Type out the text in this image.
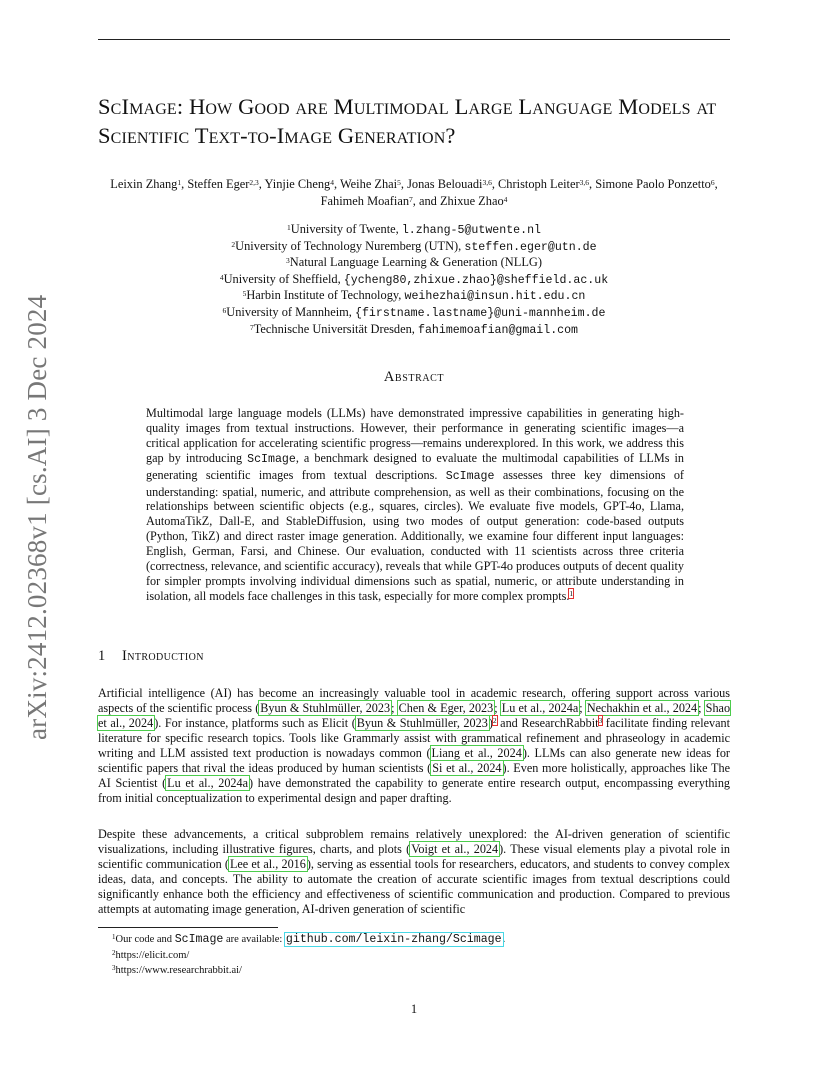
arXiv:2412.02368v1 [cs.AI] 3 Dec 2024
ScImage: How Good are Multimodal Large Language Models at Scientific Text-to-Image Generation?
Leixin Zhang$^1$, Steffen Eger$^{2,3}$, Yinjie Cheng$^4$, Weihe Zhai$^5$, Jonas Belouadi$^{3,6}$, Christoph Leiter$^{3,6}$, Simone Paolo Ponzetto$^6$, Fahimeh Moafian$^7$, and Zhixue Zhao$^4$
$^1$University of Twente, l.zhang-5@utwente.nl
$^2$University of Technology Nuremberg (UTN), steffen.eger@utn.de
$^3$Natural Language Learning & Generation (NLLG)
$^4$University of Sheffield, {ycheng80,zhixue.zhao}@sheffield.ac.uk
$^5$Harbin Institute of Technology, weihezhai@insun.hit.edu.cn
$^6$University of Mannheim, {firstname.lastname}@uni-mannheim.de
$^7$Technische Universität Dresden, fahimemoafian@gmail.com
Abstract

Multimodal large language models (LLMs) have demonstrated impressive capabilities in generating high-quality images from textual instructions. However, their performance in generating scientific images—a critical application for accelerating scientific progress—remains underexplored. In this work, we address this gap by introducing ScImage, a benchmark designed to evaluate the multimodal capabilities of LLMs in generating scientific images from textual descriptions. ScImage assesses three key dimensions of understanding: spatial, numeric, and attribute comprehension, as well as their combinations, focusing on the relationships between scientific objects (e.g., squares, circles). We evaluate five models, GPT-4o, Llama, AutomaTikZ, Dall-E, and StableDiffusion, using two modes of output generation: code-based outputs (Python, TikZ) and direct raster image generation. Additionally, we examine four different input languages: English, German, Farsi, and Chinese. Our evaluation, conducted with 11 scientists across three criteria (correctness, relevance, and scientific accuracy), reveals that while GPT-4o produces outputs of decent quality for simpler prompts involving individual dimensions such as spatial, numeric, or attribute understanding in isolation, all models face challenges in this task, especially for more complex prompts.$^1$

1 Introduction

Artificial intelligence (AI) has become an increasingly valuable tool in academic research, offering support across various aspects of the scientific process (Byun & Stuhlmüller, 2023; Chen & Eger, 2023; Lu et al., 2024a; Nechakhin et al., 2024; Shao et al., 2024). For instance, platforms such as Elicit (Byun & Stuhlmüller, 2023)$^2$ and ResearchRabbit$^3$ facilitate finding relevant literature for specific research topics. Tools like Grammarly assist with grammatical refinement and phraseology in academic writing and LLM assisted text production is nowadays common (Liang et al., 2024). LLMs can also generate new ideas for scientific papers that rival the ideas produced by human scientists (Si et al., 2024). Even more holistically, approaches like The AI Scientist (Lu et al., 2024a) have demonstrated the capability to generate entire research output, encompassing everything from initial conceptualization to experimental design and paper drafting.

Despite these advancements, a critical subproblem remains relatively unexplored: the AI-driven generation of scientific visualizations, including illustrative figures, charts, and plots (Voigt et al., 2024). These visual elements play a pivotal role in scientific communication (Lee et al., 2016), serving as essential tools for researchers, educators, and students to convey complex ideas, data, and concepts. The ability to automate the creation of accurate scientific images from textual descriptions could significantly enhance both the efficiency and effectiveness of scientific communication and production. Compared to previous attempts at automating image generation, AI-driven generation of scientific

$^1$Our code and ScImage are available: github.com/leixin-zhang/Scimage.
$^2$https://elicit.com/
$^3$https://www.researchrabbit.ai/
1
